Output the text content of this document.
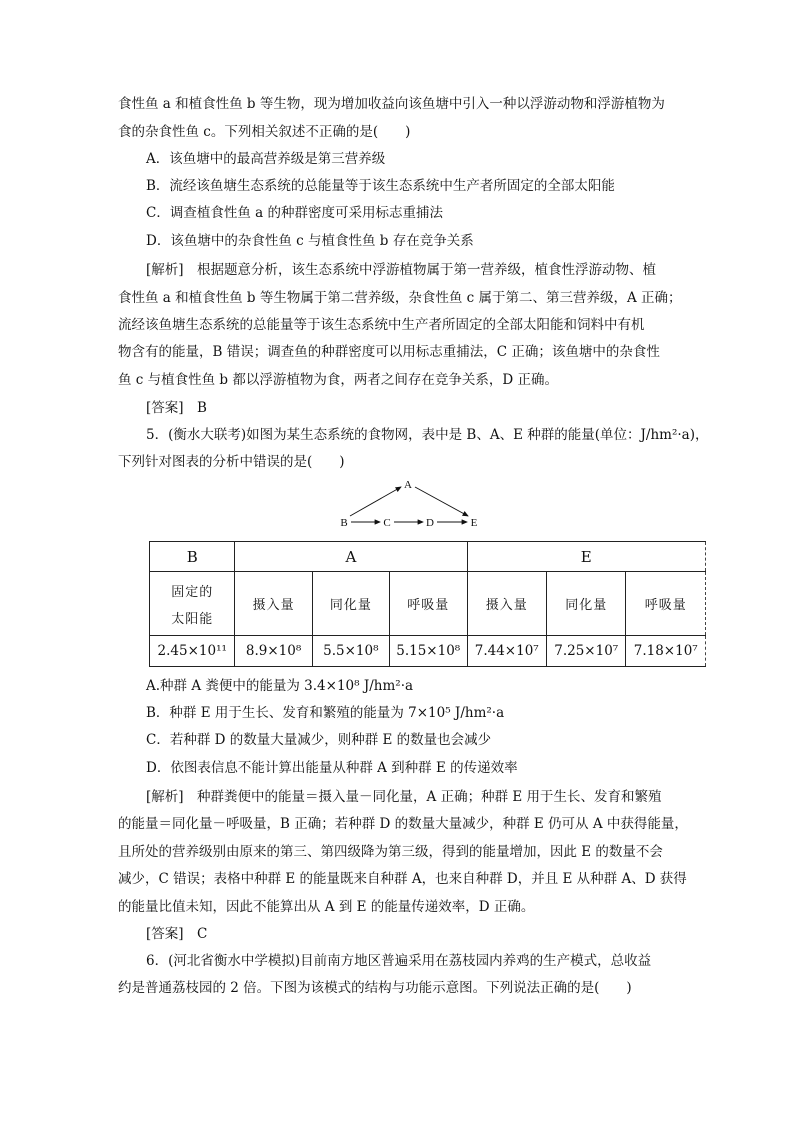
食性鱼 a 和植食性鱼 b 等生物，现为增加收益向该鱼塘中引入一种以浮游动物和浮游植物为
食的杂食性鱼 c。下列相关叙述不正确的是(　　)
A．该鱼塘中的最高营养级是第三营养级
B．流经该鱼塘生态系统的总能量等于该生态系统中生产者所固定的全部太阳能
C．调查植食性鱼 a 的种群密度可采用标志重捕法
D．该鱼塘中的杂食性鱼 c 与植食性鱼 b 存在竞争关系
[解析]　根据题意分析，该生态系统中浮游植物属于第一营养级，植食性浮游动物、植
食性鱼 a 和植食性鱼 b 等生物属于第二营养级，杂食性鱼 c 属于第二、第三营养级，A 正确；
流经该鱼塘生态系统的总能量等于该生态系统中生产者所固定的全部太阳能和饲料中有机
物含有的能量，B 错误；调查鱼的种群密度可以用标志重捕法，C 正确；该鱼塘中的杂食性
鱼 c 与植食性鱼 b 都以浮游植物为食，两者之间存在竞争关系，D 正确。
[答案]　B
5．(衡水大联考)如图为某生态系统的食物网，表中是 B、A、E 种群的能量(单位：J/hm²·a)，
下列针对图表的分析中错误的是(　　)
A
B	C	D	E
B	A			E		

固定的
太阳能	摄入量	同化量	呼吸量	摄入量	同化量	呼吸量
2.45×10¹¹	8.9×10⁸	5.5×10⁸	5.15×10⁸	7.44×10⁷	7.25×10⁷	7.18×10⁷
A.种群 A 粪便中的能量为 3.4×10⁸ J/hm²·a
B．种群 E 用于生长、发育和繁殖的能量为 7×10⁵ J/hm²·a
C．若种群 D 的数量大量减少，则种群 E 的数量也会减少
D．依图表信息不能计算出能量从种群 A 到种群 E 的传递效率
[解析]　种群粪便中的能量＝摄入量－同化量，A 正确；种群 E 用于生长、发育和繁殖
的能量＝同化量－呼吸量，B 正确；若种群 D 的数量大量减少，种群 E 仍可从 A 中获得能量，
且所处的营养级别由原来的第三、第四级降为第三级，得到的能量增加，因此 E 的数量不会
减少，C 错误；表格中种群 E 的能量既来自种群 A，也来自种群 D，并且 E 从种群 A、D 获得
的能量比值未知，因此不能算出从 A 到 E 的能量传递效率，D 正确。
[答案]　C
6．(河北省衡水中学模拟)目前南方地区普遍采用在荔枝园内养鸡的生产模式，总收益
约是普通荔枝园的 2 倍。下图为该模式的结构与功能示意图。下列说法正确的是(　　)
